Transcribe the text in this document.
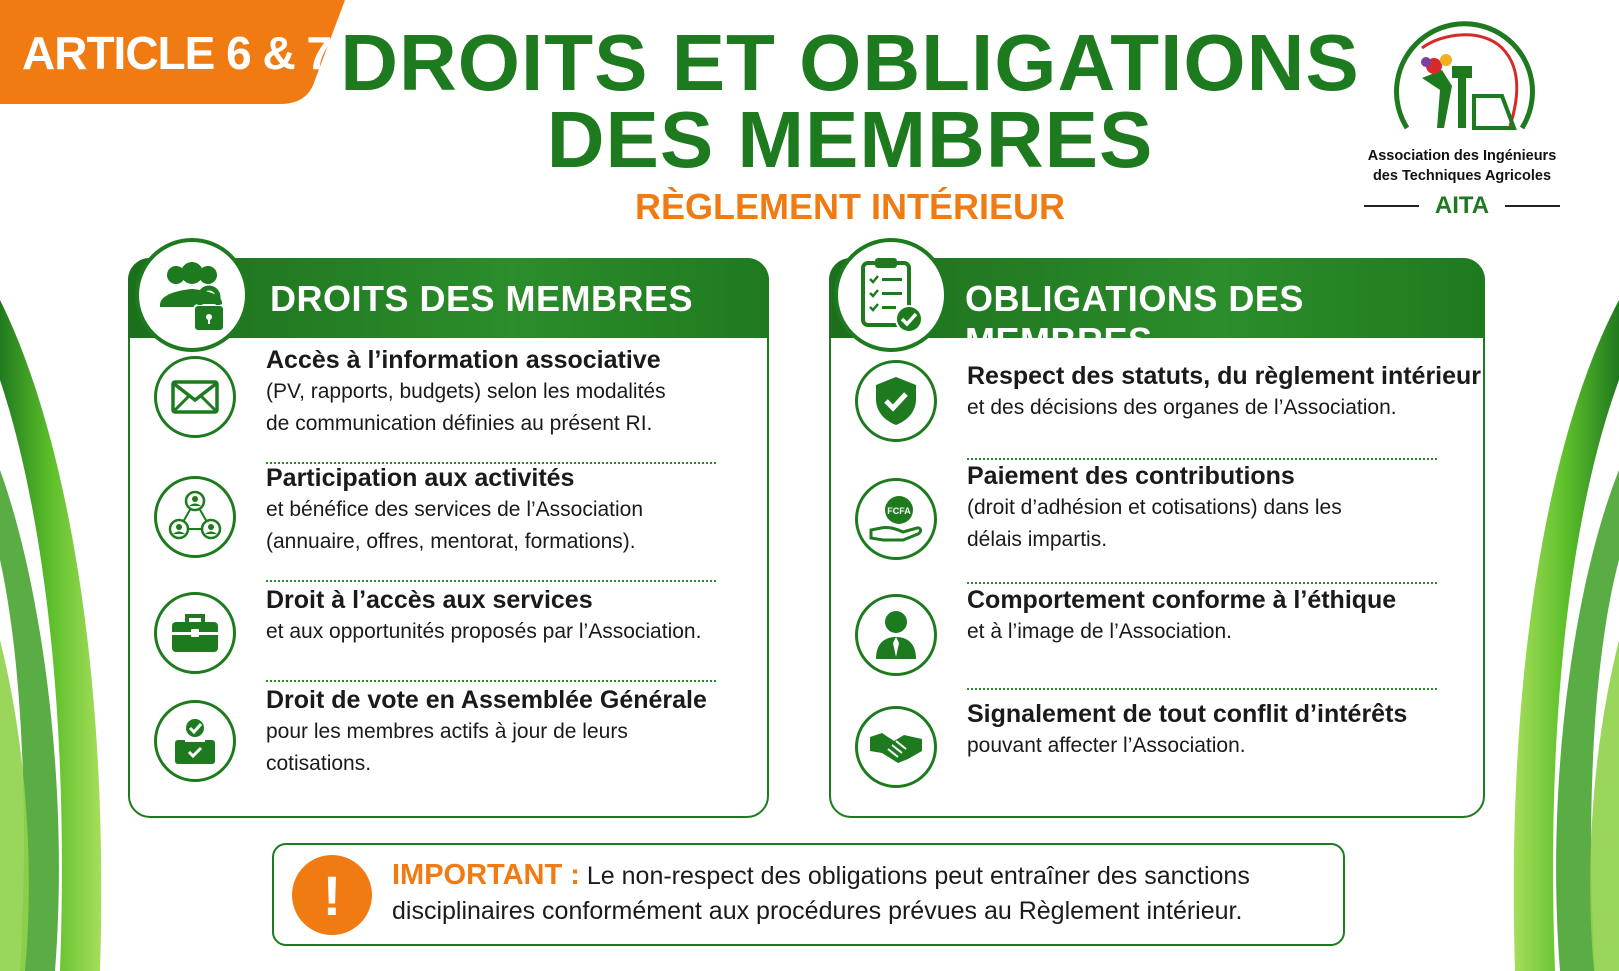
ARTICLE 6 & 7 DROITS ET OBLIGATIONS
DES MEMBRES
RÈGLEMENT INTÉRIEUR
Association des Ingénieurs
des Techniques Agricoles
AITA
DROITS DES MEMBRES
Accès à l’information associative
(PV, rapports, budgets) selon les modalités
de communication définies au présent RI.
Participation aux activités
et bénéfice des services de l’Association
(annuaire, offres, mentorat, formations).
Droit à l’accès aux services
et aux opportunités proposés par l’Association.
Droit de vote en Assemblée Générale
pour les membres actifs à jour de leurs
cotisations.
OBLIGATIONS DES MEMBRES
Respect des statuts, du règlement intérieur
et des décisions des organes de l’Association.
FCFA
Paiement des contributions
(droit d’adhésion et cotisations) dans les
délais impartis.
Comportement conforme à l’éthique
et à l’image de l’Association.
Signalement de tout conflit d’intérêts
pouvant affecter l’Association.
!	IMPORTANT : Le non-respect des obligations peut entraîner des sanctions
disciplinaires conformément aux procédures prévues au Règlement intérieur.
